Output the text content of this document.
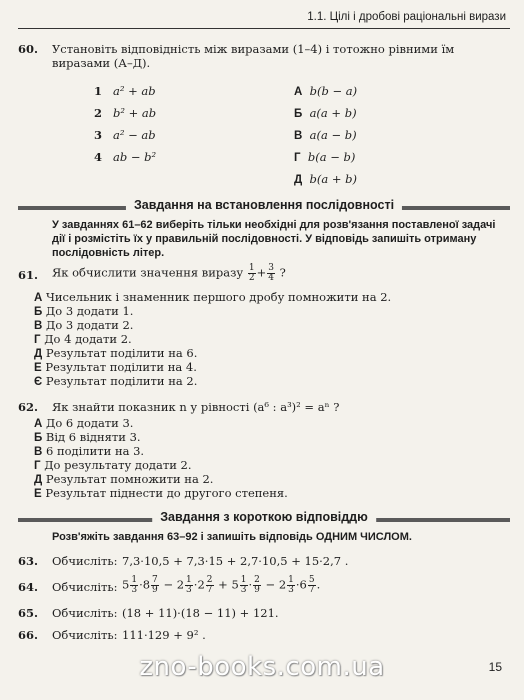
1.1. Цілі і дробові раціональні вирази
60. Установіть відповідність між виразами (1–4) і тотожно рівними їм виразами (А–Д).
1 a² + ab
2 b² + ab
3 a² − ab
4 ab − b²
А b(b − a)
Б a(a + b)
В a(a − b)
Г b(a − b)
Д b(a + b)
Завдання на встановлення послідовності
У завданнях 61–62 виберіть тільки необхідні для розв'язання поставленої задачі дії і розмістіть їх у правильній послідовності. У відповідь запишіть отриману послідовність літер.
61. Як обчислити значення виразу $\frac{1}{2} + \frac{3}{4}$ ?
А Чисельник і знаменник першого дробу помножити на 2.
Б До 3 додати 1.
В До 3 додати 2.
Г До 4 додати 2.
Д Результат поділити на 6.
Е Результат поділити на 4.
Є Результат поділити на 2.
62. Як знайти показник n у рівності (a⁶ : a³)² = aⁿ ?
А До 6 додати 3.
Б Від 6 відняти 3.
В 6 поділити на 3.
Г До результату додати 2.
Д Результат помножити на 2.
Е Результат піднести до другого степеня.
Завдання з короткою відповіддю
Розв'яжіть завдання 63–92 і запишіть відповідь ОДНИМ ЧИСЛОМ.
63. Обчисліть: 7,3·10,5 + 7,3·15 + 2,7·10,5 + 15·2,7 .
64. Обчисліть: $5 \frac{1}{3} \cdot 8 \frac{7}{9} - 2 \frac{1}{3} \cdot 2 \frac{2}{7} + 5 \frac{1}{3} \cdot \frac{2}{9} - 2 \frac{1}{3} \cdot 6 \frac{5}{7}$ .
65. Обчисліть: (18 + 11)·(18 − 11) + 121.
66. Обчисліть: 111·129 + 9² .
zno-books.com.ua	15
